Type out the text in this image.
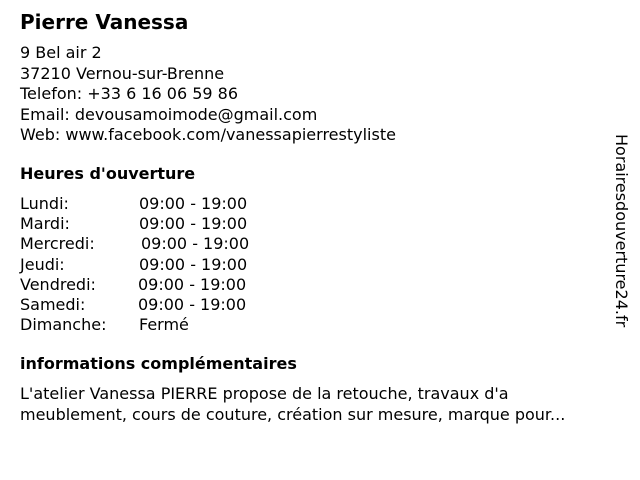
Pierre Vanessa
9 Bel air 2
37210 Vernou-sur-Brenne
Telefon: +33 6 16 06 59 86
Email: devousamoimode@gmail.com
Web: www.facebook.com/vanessapierrestyliste
Heures d'ouverture
Lundi:	09:00 - 19:00
Mardi:	09:00 - 19:00
Mercredi:	09:00 - 19:00
Jeudi:	09:00 - 19:00
Vendredi:	09:00 - 19:00
Samedi:	09:00 - 19:00
Dimanche: Fermé
informations complémentaires
L'atelier Vanessa PIERRE propose de la retouche, travaux d'a
meublement, cours de couture, création sur mesure, marque pour...
Horairesdouverture24.fr
